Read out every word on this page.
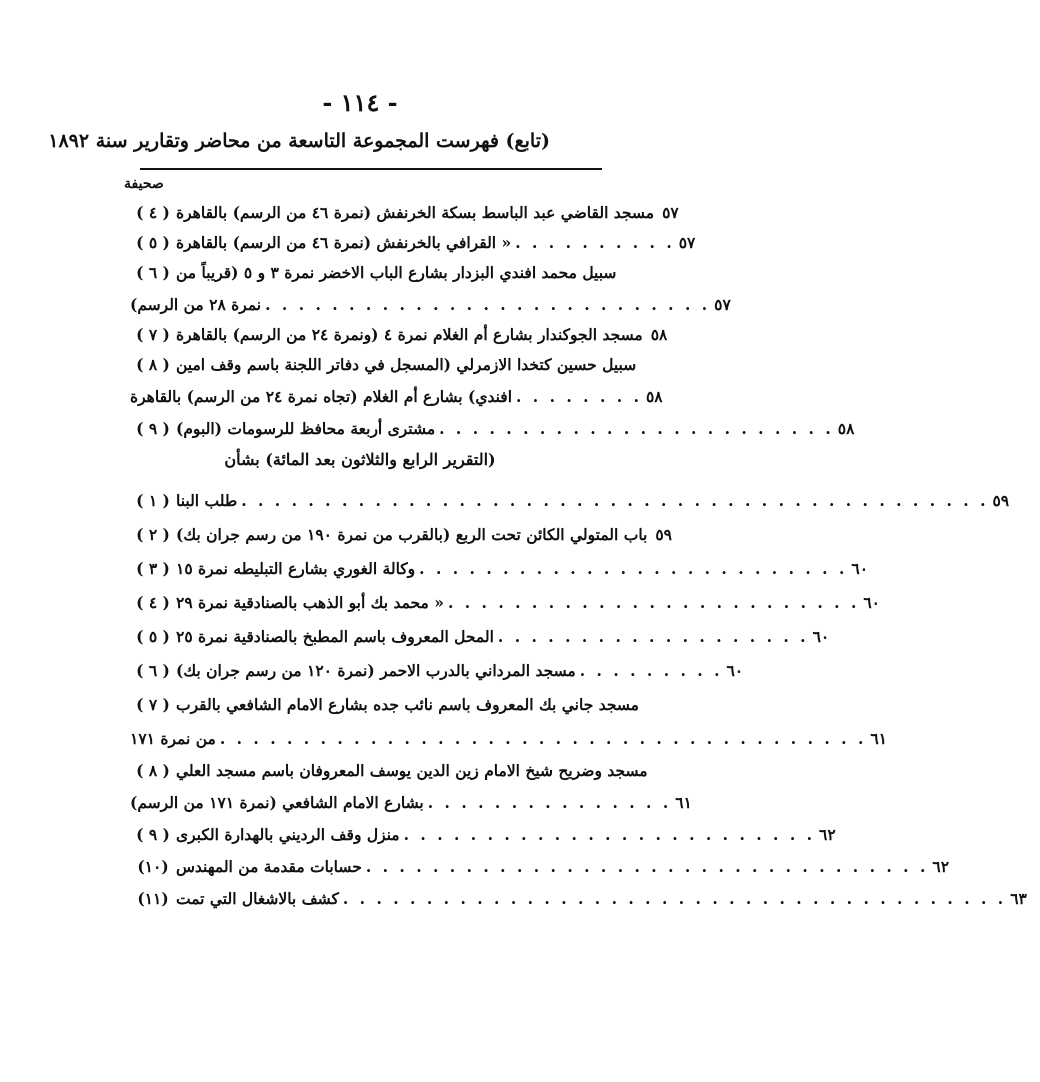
- ١١٤ -
(تابع) فهرست المجموعة التاسعة من محاضر وتقارير سنة ١٨٩٢
صحيفة
( ٤ ) مسجد القاضي عبد الباسط بسكة الخرنفش (نمرة ٤٦ من الرسم) بالقاهرة ٥٧
( ٥ ) « القرافي بالخرنفش (نمرة ٤٦ من الرسم) بالقاهرة . . . . . . . . . . ٥٧
( ٦ ) سبيل محمد افندي البزدار بشارع الباب الاخضر نمرة ٣ و ٥ (قريباً من
نمرة ٢٨ من الرسم) . . . . . . . . . . . . . . . . . . . . . . . . . . . ٥٧
( ٧ ) مسجد الجوكندار بشارع أم الغلام نمرة ٤ (ونمرة ٢٤ من الرسم) بالقاهرة ٥٨
( ٨ ) سبيل حسين كتخدا الازمرلي (المسجل في دفاتر اللجنة باسم وقف امين
افندي) بشارع أم الغلام (تجاه نمرة ٢٤ من الرسم) بالقاهرة . . . . . . . . ٥٨
( ٩ ) مشترى أربعة محافظ للرسومات (البوم) . . . . . . . . . . . . . . . . . . . . . . . . ٥٨
(التقرير الرابع والثلاثون بعد المائة) بشأن
( ١ ) طلب البنا . . . . . . . . . . . . . . . . . . . . . . . . . . . . . . . . . . . . . . . . . . . . . ٥٩
( ٢ ) باب المتولي الكائن تحت الربع (بالقرب من نمرة ١٩٠ من رسم جران بك) ٥٩
( ٣ ) وكالة الغوري بشارع التبليطه نمرة ١٥ . . . . . . . . . . . . . . . . . . . . . . . . . . ٦٠
( ٤ ) « محمد بك أبو الذهب بالصنادقية نمرة ٢٩ . . . . . . . . . . . . . . . . . . . . . . . . . ٦٠
( ٥ ) المحل المعروف باسم المطبخ بالصنادقية نمرة ٢٥ . . . . . . . . . . . . . . . . . . . ٦٠
( ٦ ) مسجد المرداني بالدرب الاحمر (نمرة ١٢٠ من رسم جران بك) . . . . . . . . . ٦٠
( ٧ ) مسجد جاني بك المعروف باسم نائب جده بشارع الامام الشافعي بالقرب
من نمرة ١٧١ . . . . . . . . . . . . . . . . . . . . . . . . . . . . . . . . . . . . . . . ٦١
( ٨ ) مسجد وضريح شيخ الامام زين الدين يوسف المعروفان باسم مسجد العلي
بشارع الامام الشافعي (نمرة ١٧١ من الرسم) . . . . . . . . . . . . . . . ٦١
( ٩ ) منزل وقف الرديني بالهدارة الكبرى . . . . . . . . . . . . . . . . . . . . . . . . . ٦٢
(١٠) حسابات مقدمة من المهندس . . . . . . . . . . . . . . . . . . . . . . . . . . . . . . . . . . ٦٢
(١١) كشف بالاشغال التي تمت . . . . . . . . . . . . . . . . . . . . . . . . . . . . . . . . . . . . . . . . ٦٣
